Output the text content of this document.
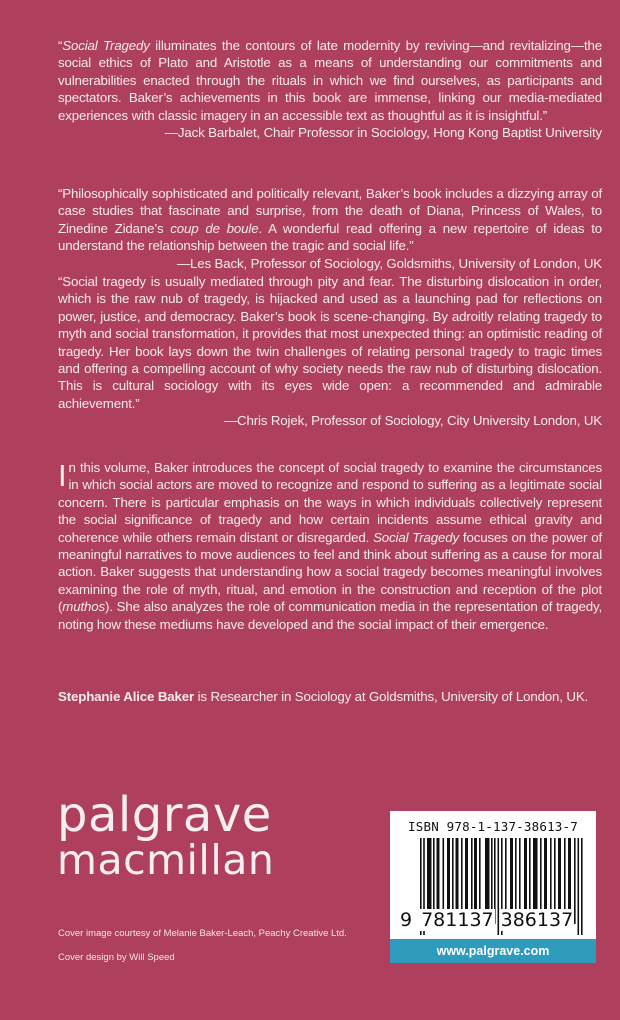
“Social Tragedy illuminates the contours of late modernity by reviving—and revitalizing—the social ethics of Plato and Aristotle as a means of understanding our commitments and vulnerabilities enacted through the rituals in which we find ourselves, as participants and spectators. Baker’s achievements in this book are immense, linking our media-mediated experiences with classic imagery in an accessible text as thoughtful as it is insightful.”

—Jack Barbalet, Chair Professor in Sociology, Hong Kong Baptist University

“Philosophically sophisticated and politically relevant, Baker’s book includes a dizzying array of case studies that fascinate and surprise, from the death of Diana, Princess of Wales, to Zinedine Zidane’s coup de boule. A wonderful read offering a new repertoire of ideas to understand the relationship between the tragic and social life.”

—Les Back, Professor of Sociology, Goldsmiths, University of London, UK

“Social tragedy is usually mediated through pity and fear. The disturbing dislocation in order, which is the raw nub of tragedy, is hijacked and used as a launching pad for reflections on power, justice, and democracy. Baker’s book is scene-changing. By adroitly relating tragedy to myth and social transformation, it provides that most unexpected thing: an optimistic reading of tragedy. Her book lays down the twin challenges of relating personal tragedy to tragic times and offering a compelling account of why society needs the raw nub of disturbing dislocation. This is cultural sociology with its eyes wide open: a recommended and admirable achievement.”

—Chris Rojek, Professor of Sociology, City University London, UK

In this volume, Baker introduces the concept of social tragedy to examine the circumstances in which social actors are moved to recognize and respond to suffering as a legitimate social concern. There is particular emphasis on the ways in which individuals collectively represent the social significance of tragedy and how certain incidents assume ethical gravity and coherence while others remain distant or disregarded. Social Tragedy focuses on the power of meaningful narratives to move audiences to feel and think about suffering as a cause for moral action. Baker suggests that understanding how a social tragedy becomes meaningful involves examining the role of myth, ritual, and emotion in the construction and reception of the plot (muthos). She also analyzes the role of communication media in the representation of tragedy, noting how these mediums have developed and the social impact of their emergence.

Stephanie Alice Baker is Researcher in Sociology at Goldsmiths, University of London, UK.

palgrave
macmillan
Cover image courtesy of Melanie Baker-Leach, Peachy Creative Ltd.
Cover design by Will Speed
ISBN 978-1-137-38613-7
9 781137 386137
www.palgrave.com
